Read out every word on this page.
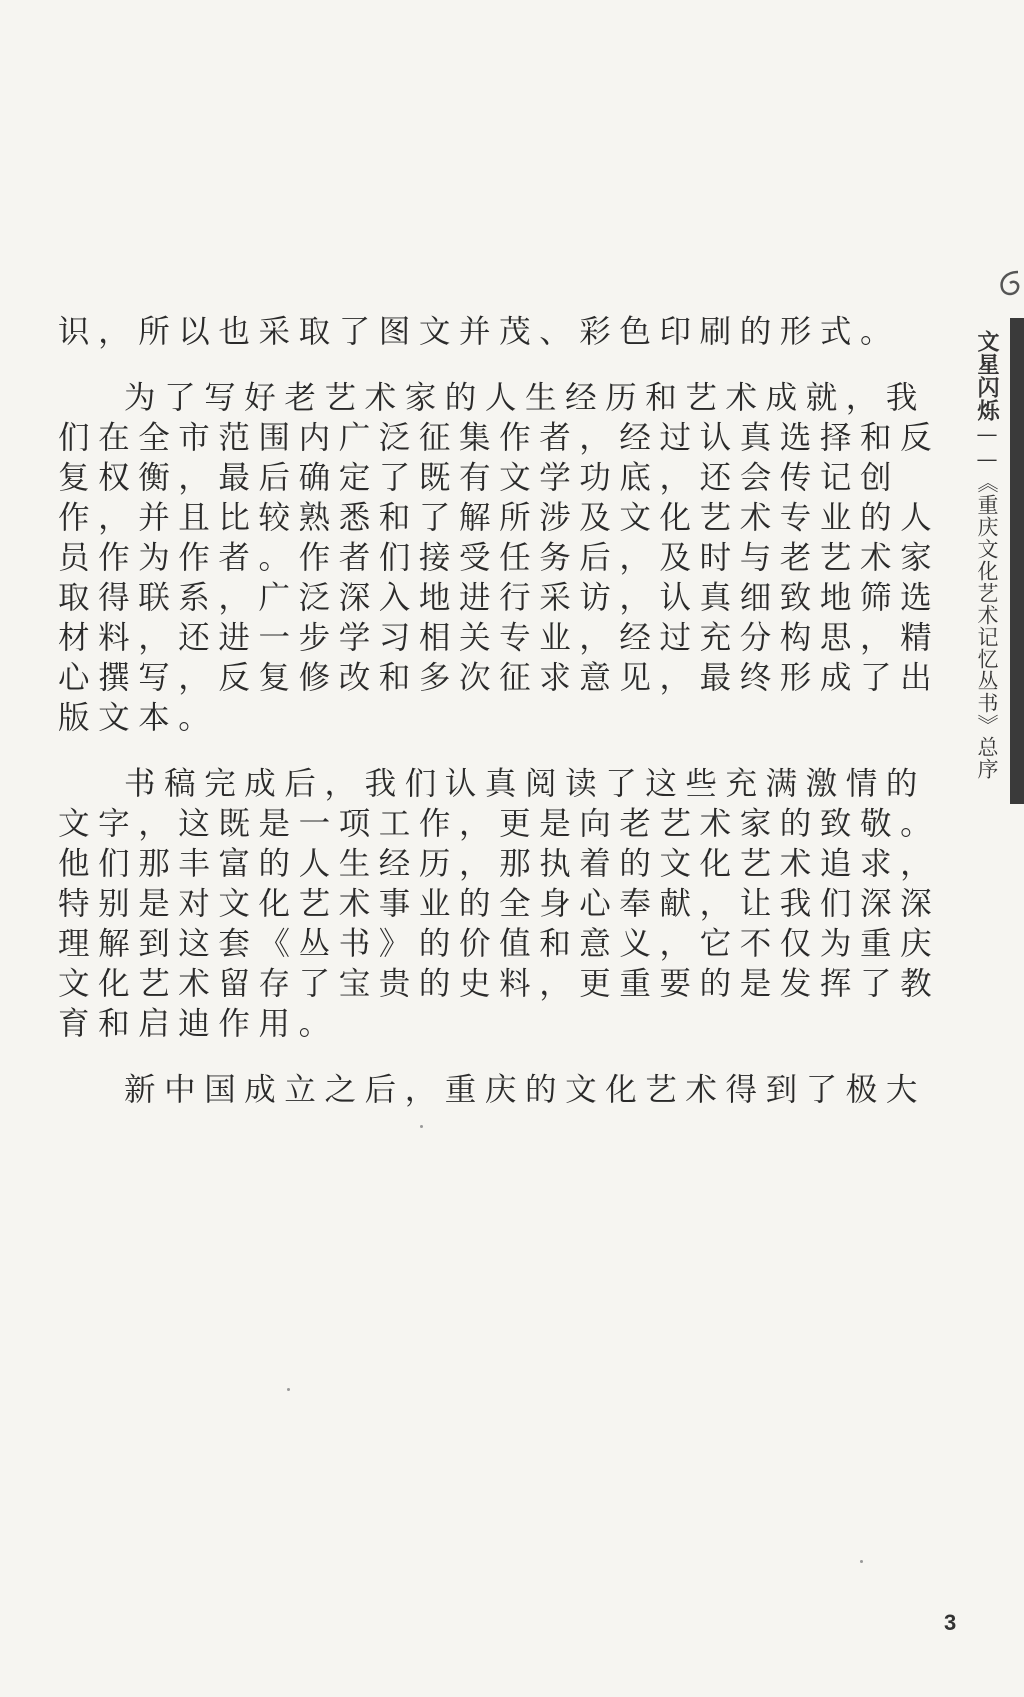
文星闪烁——《重庆文化艺术记忆丛书》总序
识，所以也采取了图文并茂、彩色印刷的形式。
为了写好老艺术家的人生经历和艺术成就，我
们在全市范围内广泛征集作者，经过认真选择和反
复权衡，最后确定了既有文学功底，还会传记创
作，并且比较熟悉和了解所涉及文化艺术专业的人
员作为作者。作者们接受任务后，及时与老艺术家
取得联系，广泛深入地进行采访，认真细致地筛选
材料，还进一步学习相关专业，经过充分构思，精
心撰写，反复修改和多次征求意见，最终形成了出
版文本。
书稿完成后，我们认真阅读了这些充满激情的
文字，这既是一项工作，更是向老艺术家的致敬。
他们那丰富的人生经历，那执着的文化艺术追求，
特别是对文化艺术事业的全身心奉献，让我们深深
理解到这套《丛书》的价值和意义，它不仅为重庆
文化艺术留存了宝贵的史料，更重要的是发挥了教
育和启迪作用。
新中国成立之后，重庆的文化艺术得到了极大
3
